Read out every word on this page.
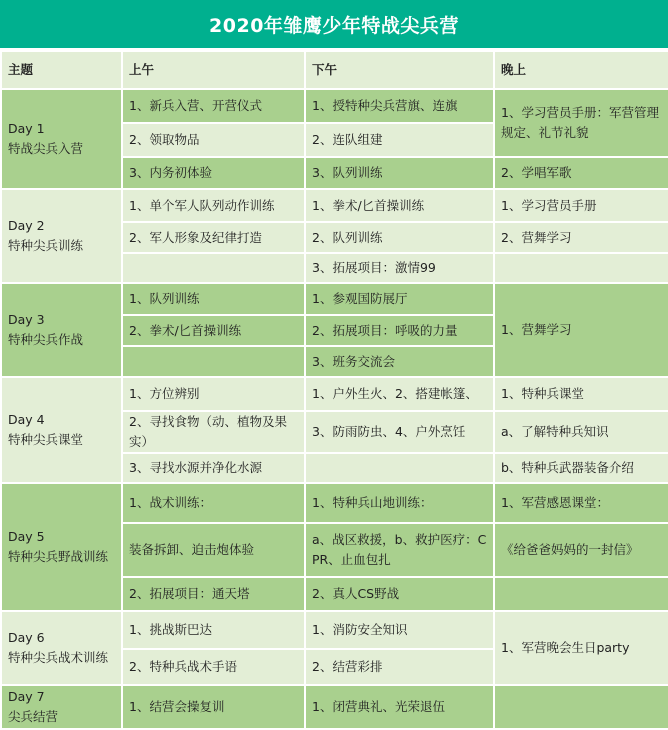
2020年雏鹰少年特战尖兵营
主题	上午	下午	晚上

Day 1
特战尖兵入营	1、新兵入营、开营仪式	1、授特种尖兵营旗、连旗	1、学习营员手册：军营管理规定、礼节礼貌
	2、领取物品	2、连队组建	
	3、内务初体验	3、队列训练	2、学唱军歌

Day 2
特种尖兵训练	1、单个军人队列动作训练	1、拳术/匕首操训练	1、学习营员手册
	2、军人形象及纪律打造	2、队列训练	2、营舞学习
		3、拓展项目：激情99	

Day 3
特种尖兵作战	1、队列训练	1、参观国防展厅	1、营舞学习
	2、拳术/匕首操训练	2、拓展项目：呼吸的力量	
		3、班务交流会	

Day 4
特种尖兵课堂	1、方位辨别	1、户外生火、2、搭建帐篷、	1、特种兵课堂
	2、寻找食物（动、植物及果实）	3、防雨防虫、4、户外烹饪	a、了解特种兵知识
	3、寻找水源并净化水源		b、特种兵武器装备介绍

Day 5
特种尖兵野战训练	1、战术训练：	1、特种兵山地训练：	1、军营感恩课堂：
	装备拆卸、迫击炮体验	a、战区救援，b、救护医疗：CPR、止血包扎	《给爸爸妈妈的一封信》
	2、拓展项目：通天塔	2、真人CS野战	

Day 6
特种尖兵战术训练	1、挑战斯巴达	1、消防安全知识	1、军营晚会生日party
	2、特种兵战术手语	2、结营彩排	

Day 7
尖兵结营	1、结营会操复训	1、闭营典礼、光荣退伍	
